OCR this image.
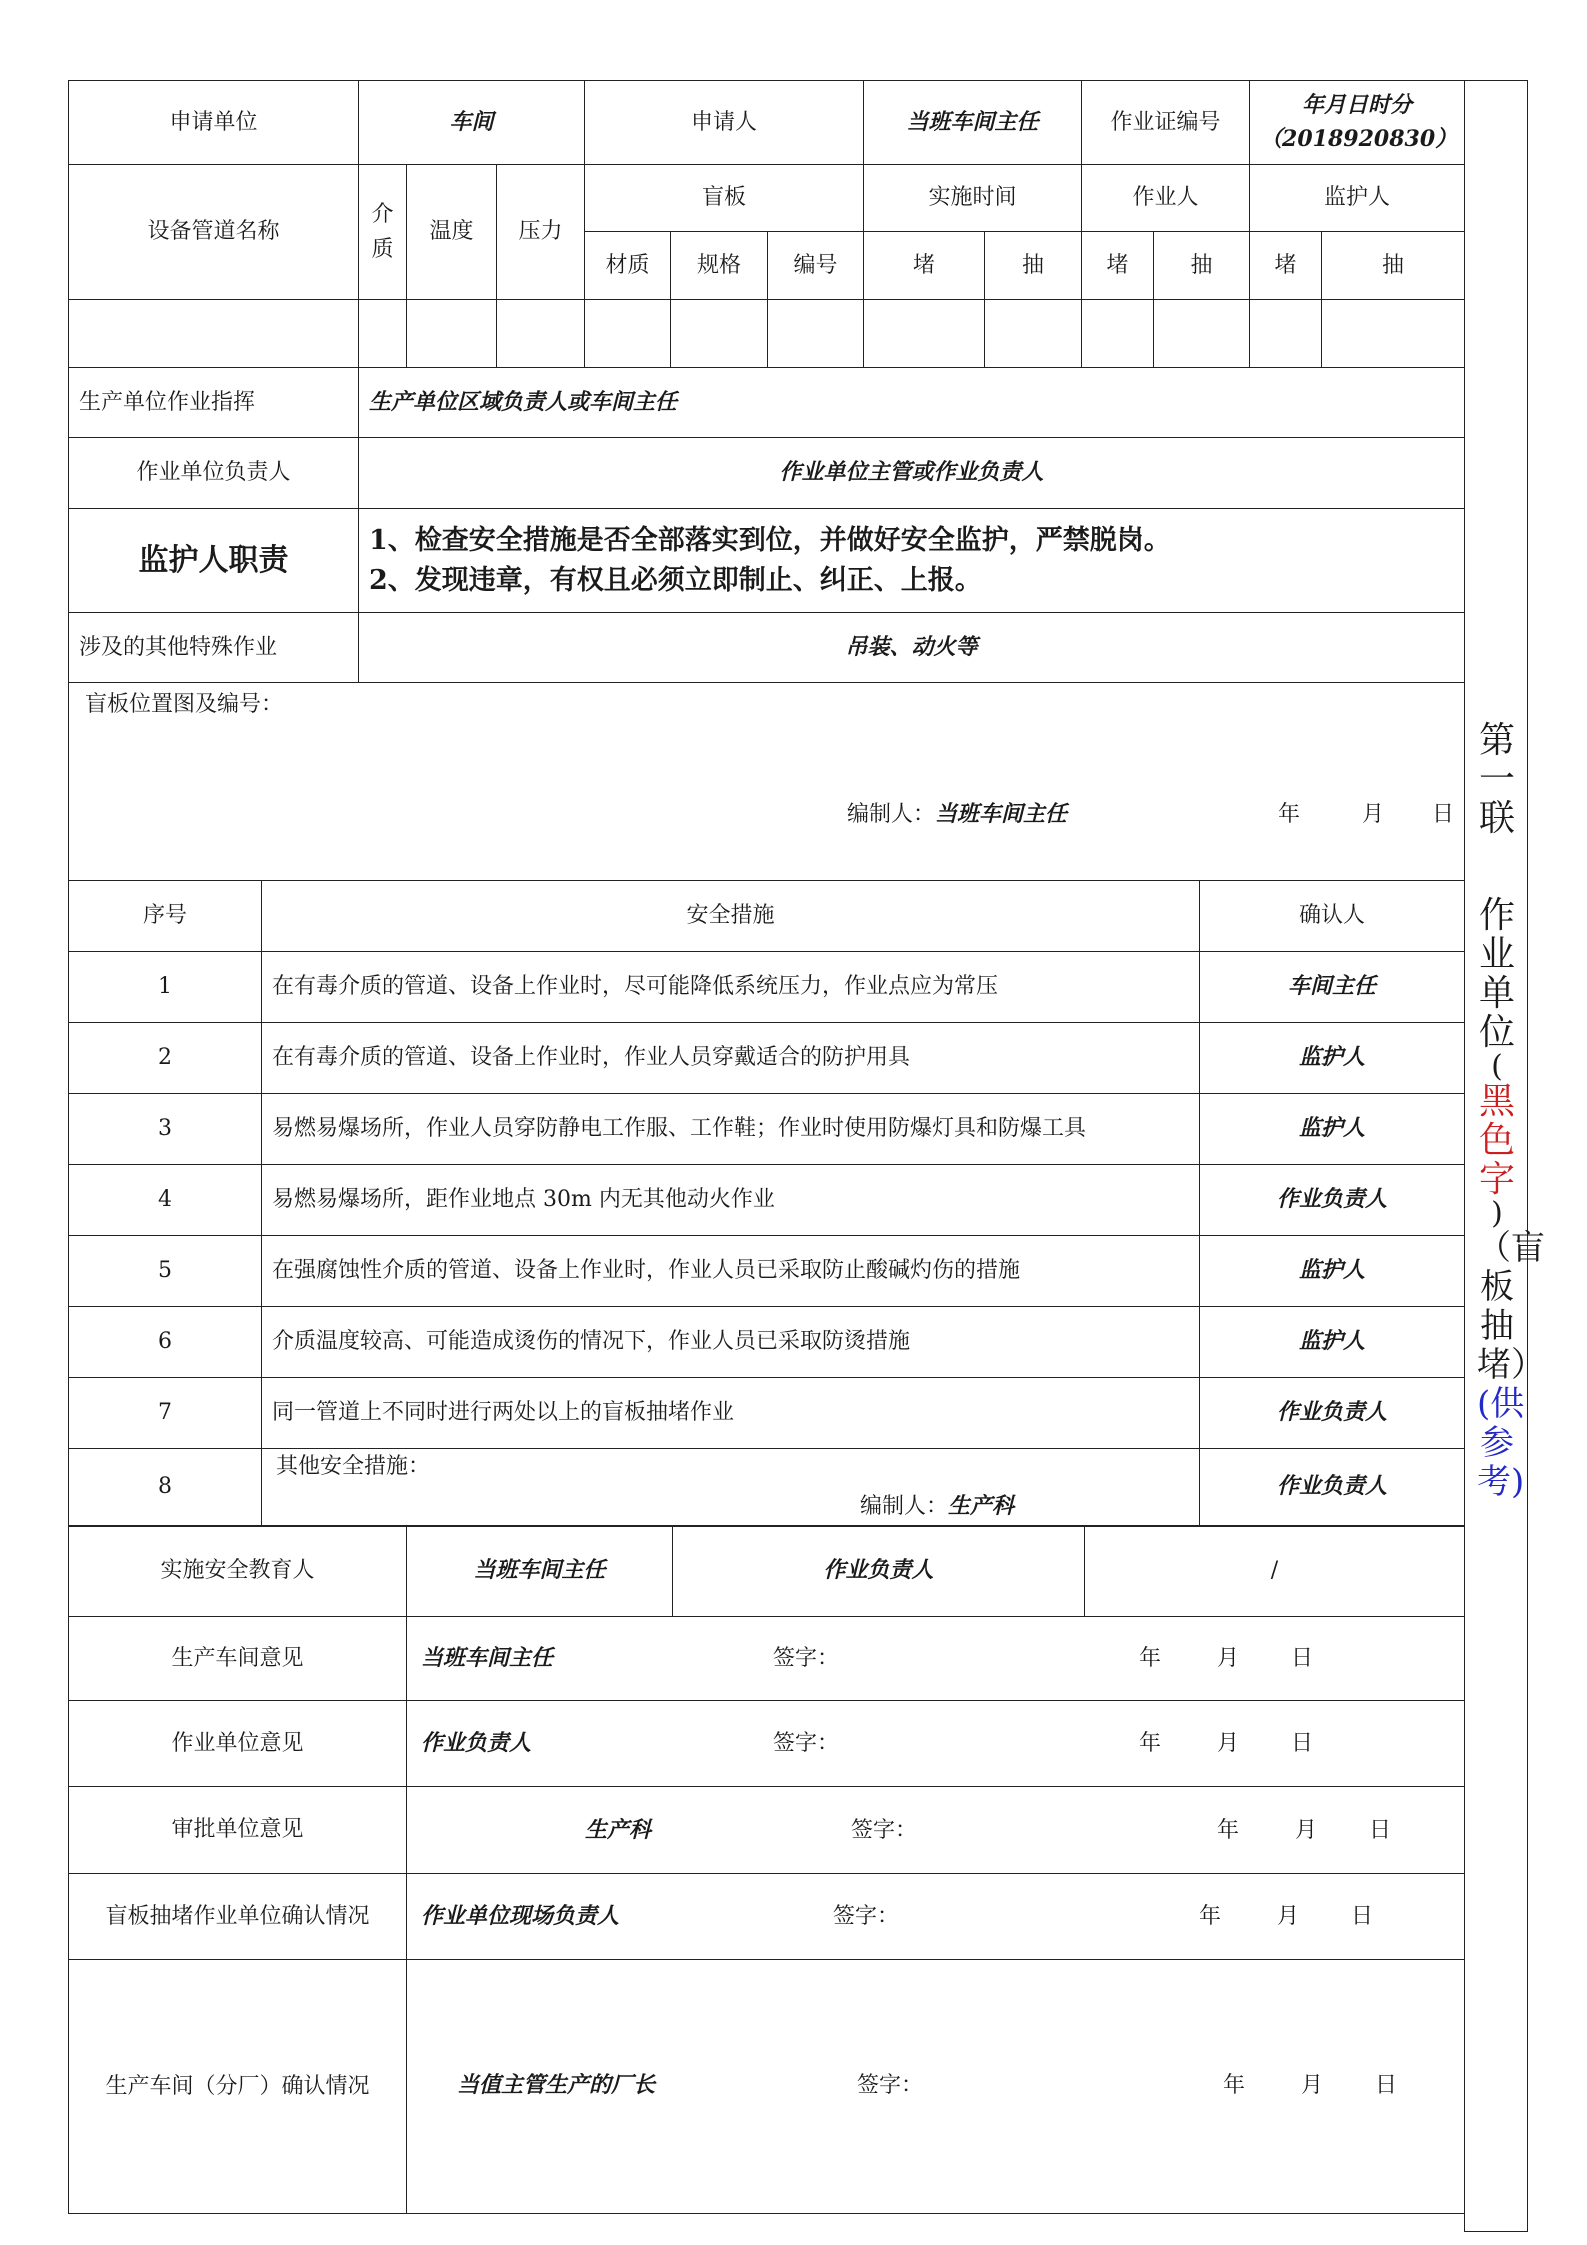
申请单位	车间			申请人			当班车间主任		作业证编号		年月日时分
（2018920830）	

设备管道名称	介质	温度	压力	盲板			实施时间		作业人		监护人	
				材质	规格	编号	堵	抽	堵	抽	堵	抽

生产单位作业指挥	生产单位区域负责人或车间主任											
作业单位负责人	作业单位主管或作业负责人											
监护人职责	1、检查安全措施是否全部落实到位，并做好安全监护，严禁脱岗。
2、发现违章，有权且必须立即制止、纠正、上报。											

涉及的其他特殊作业	吊装、动火等											

盲板位置图及编号：
编制人：当班车间主任 年 月 日												
序号	安全措施	确认人
1	在有毒介质的管道、设备上作业时，尽可能降低系统压力，作业点应为常压	车间主任
2	在有毒介质的管道、设备上作业时，作业人员穿戴适合的防护用具	监护人
3	易燃易爆场所，作业人员穿防静电工作服、工作鞋；作业时使用防爆灯具和防爆工具	监护人
4	易燃易爆场所，距作业地点 30m 内无其他动火作业	作业负责人
5	在强腐蚀性介质的管道、设备上作业时，作业人员已采取防止酸碱灼伤的措施	监护人
6	介质温度较高、可能造成烫伤的情况下，作业人员已采取防烫措施	监护人
7	同一管道上不同时进行两处以上的盲板抽堵作业	作业负责人
8	其他安全措施：
编制人：生产科	作业负责人
实施安全教育人	当班车间主任	作业负责人	/
生产车间意见	当班车间主任 签字： 年 月 日		

作业单位意见	作业负责人 签字： 年 月 日		

审批单位意见	生产科 签字： 年 月 日		

盲板抽堵作业单位确认情况	作业单位现场负责人 签字： 年 月 日		

生产车间（分厂）确认情况	当值主管生产的厂长 签字： 年 月 日		
第一联
作业单位
(
黑色字
)
（盲板抽堵）
(供参考)
